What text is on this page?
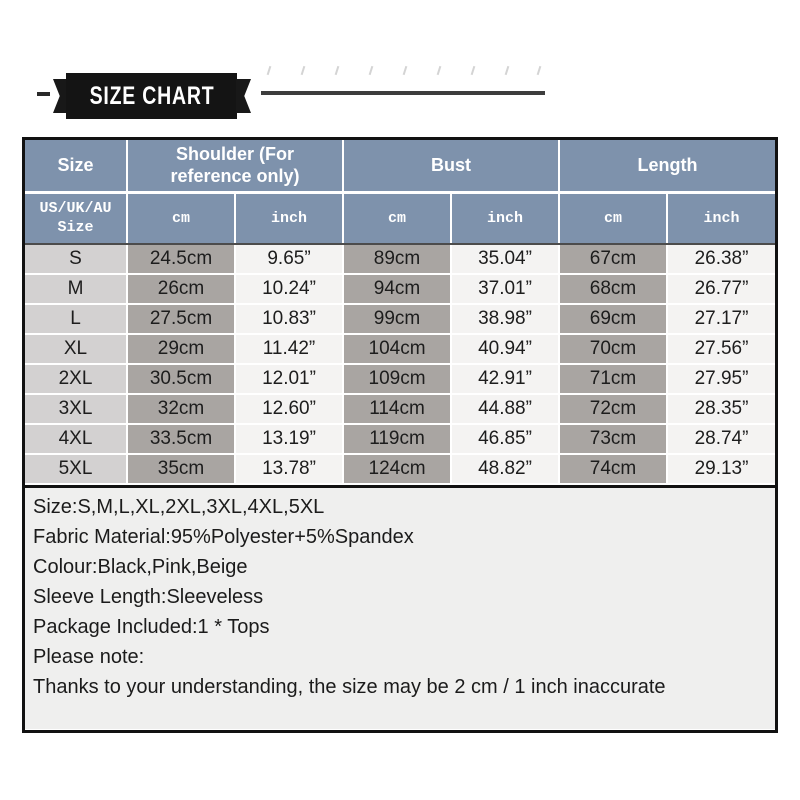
SIZE CHART
Size	Shoulder (For reference only)		Bust		Length	
US/UK/AU Size	cm	inch	cm	inch	cm	inch
S	24.5cm	9.65”	89cm	35.04”	67cm	26.38”
M	26cm	10.24”	94cm	37.01”	68cm	26.77”
L	27.5cm	10.83”	99cm	38.98”	69cm	27.17”
XL	29cm	11.42”	104cm	40.94”	70cm	27.56”
2XL	30.5cm	12.01”	109cm	42.91”	71cm	27.95”
3XL	32cm	12.60”	114cm	44.88”	72cm	28.35”
4XL	33.5cm	13.19”	119cm	46.85”	73cm	28.74”
5XL	35cm	13.78”	124cm	48.82”	74cm	29.13”

Size:S,M,L,XL,2XL,3XL,4XL,5XL

Fabric Material:95%Polyester+5%Spandex

Colour:Black,Pink,Beige

Sleeve Length:Sleeveless

Package Included:1 * Tops

Please note:

Thanks to your understanding, the size may be 2 cm / 1 inch inaccurate
